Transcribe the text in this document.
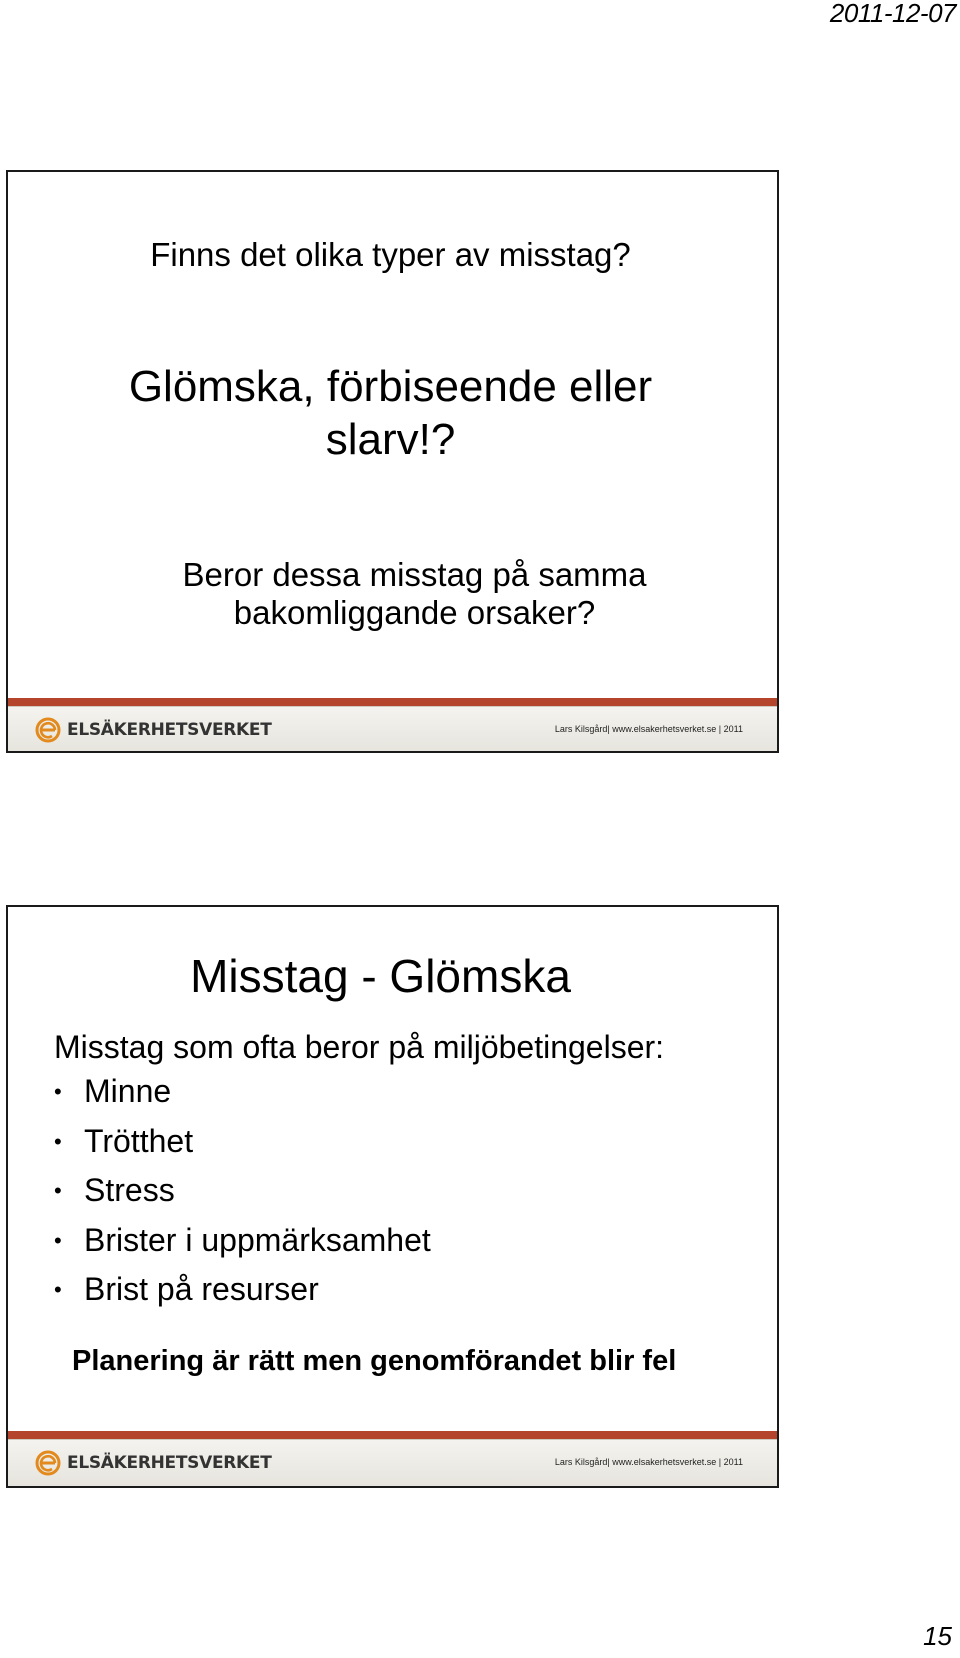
2011-12-07
Finns det olika typer av misstag?
Glömska, förbiseende eller
slarv!?
Beror dessa misstag på samma
bakomliggande orsaker?
ELSÄKERHETSVERKET	Lars Kilsgård| www.elsakerhetsverket.se | 2011
Misstag - Glömska
Misstag som ofta beror på miljöbetingelser:
• Minne
• Trötthet
• Stress
• Brister i uppmärksamhet
• Brist på resurser
Planering är rätt men genomförandet blir fel
ELSÄKERHETSVERKET	Lars Kilsgård| www.elsakerhetsverket.se | 2011
15
